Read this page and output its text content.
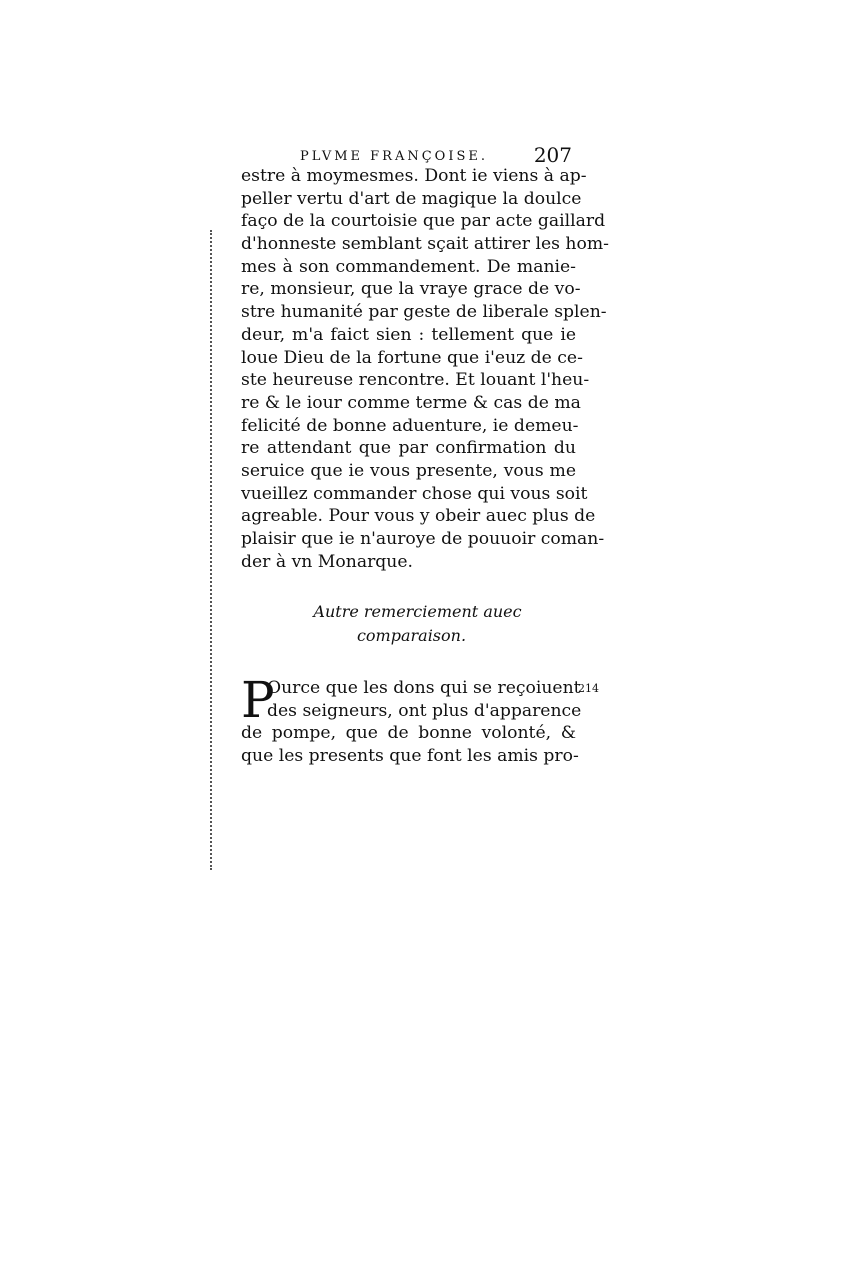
PLVME FRANÇOISE. 207
estre à moymesmes. Dont ie viens à ap-
peller vertu d'art de magique la doulce
faço de la courtoisie que par acte gaillard
d'honneste semblant sçait attirer les hom-
mes à son commandement. De manie-
re, monsieur, que la vraye grace de vo-
stre humanité par geste de liberale splen-
deur, m'a faict sien : tellement que ie
loue Dieu de la fortune que i'euz de ce-
ste heureuse rencontre. Et louant l'heu-
re & le iour comme terme & cas de ma
felicité de bonne aduenture, ie demeu-
re attendant que par confirmation du
seruice que ie vous presente, vous me
vueillez commander chose qui vous soit
agreable. Pour vous y obeir auec plus de
plaisir que ie n'auroye de pouuoir coman-
der à vn Monarque.
Autre remerciement auec
comparaison.
P
Ource que les dons qui se reçoiuent
des seigneurs, ont plus d'apparence
de pompe, que de bonne volonté, &
que les presents que font les amis pro-
214
